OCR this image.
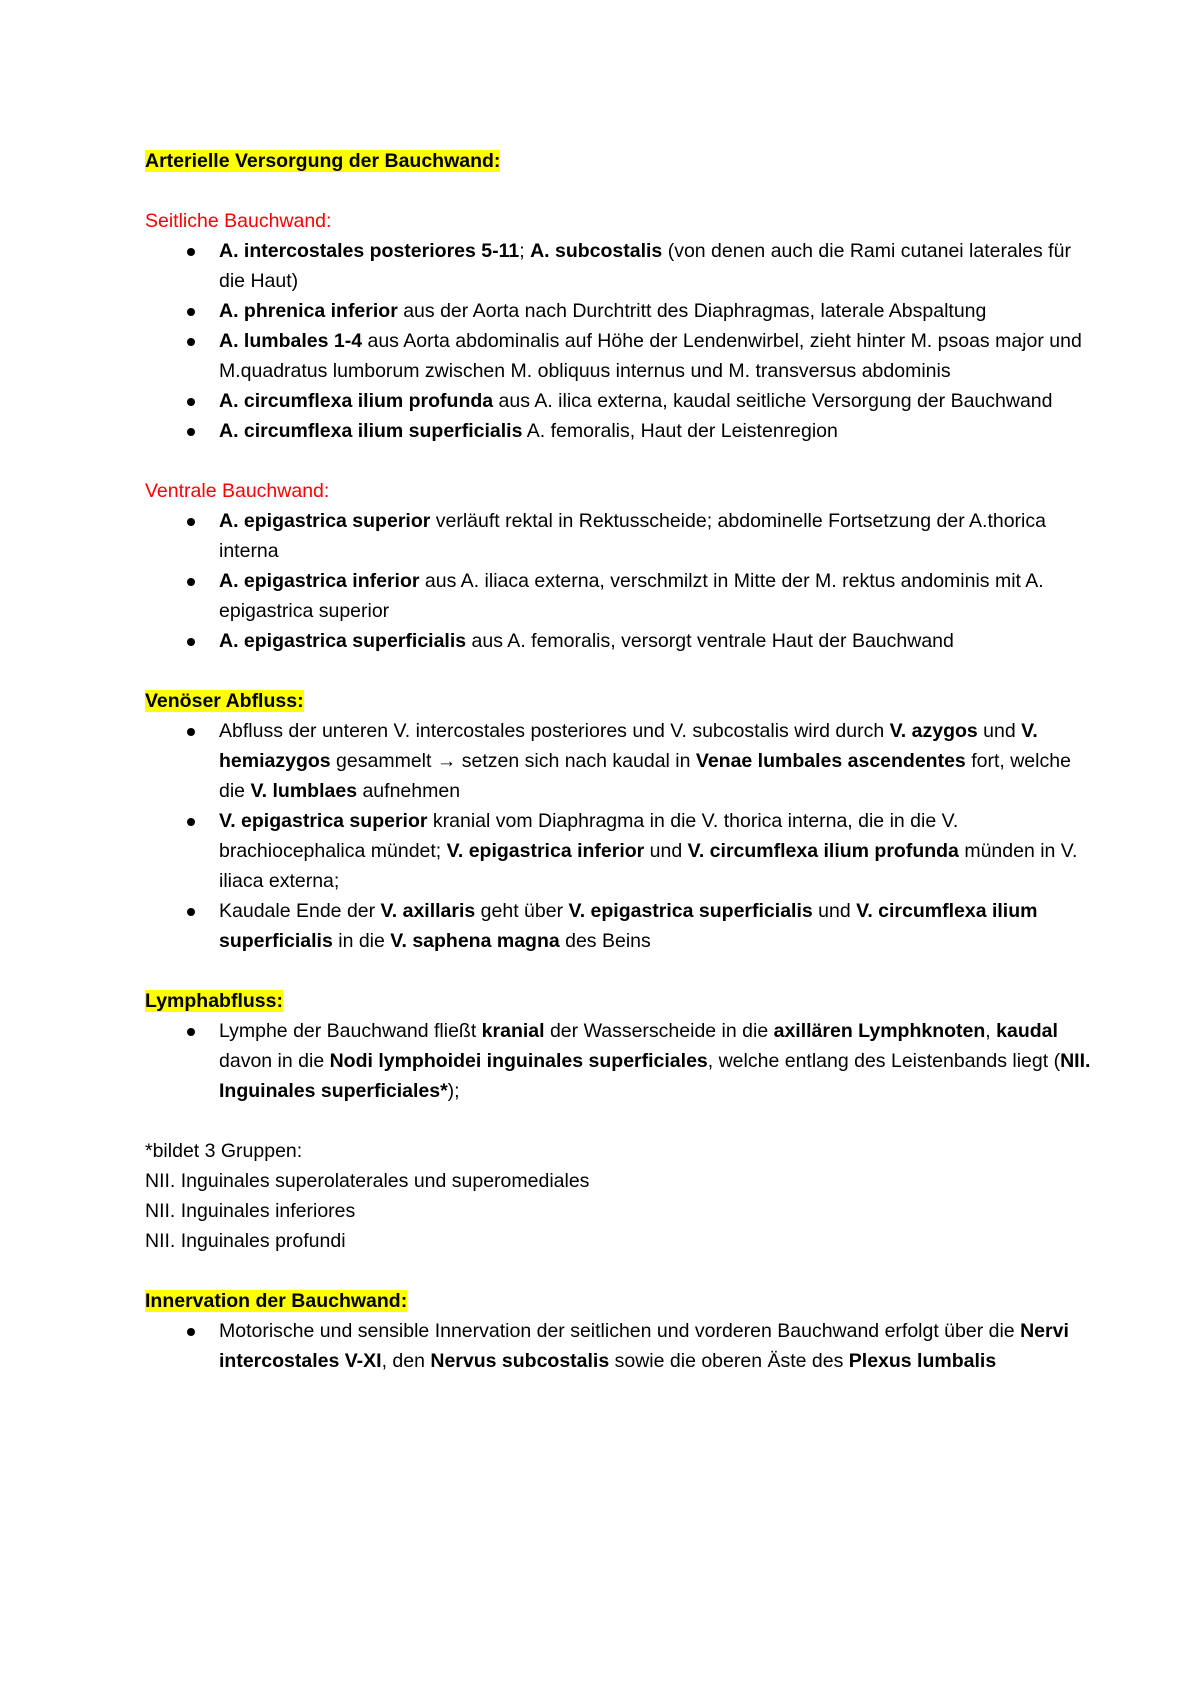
Arterielle Versorgung der Bauchwand:

Seitliche Bauchwand:

A. intercostales posteriores 5-11; A. subcostalis (von denen auch die Rami cutanei laterales für die Haut)
A. phrenica inferior aus der Aorta nach Durchtritt des Diaphragmas, laterale Abspaltung
A. lumbales 1-4 aus Aorta abdominalis auf Höhe der Lendenwirbel, zieht hinter M. psoas major und M.quadratus lumborum zwischen M. obliquus internus und M. transversus abdominis
A. circumflexa ilium profunda aus A. ilica externa, kaudal seitliche Versorgung der Bauchwand
A. circumflexa ilium superficialis A. femoralis, Haut der Leistenregion

Ventrale Bauchwand:

A. epigastrica superior verläuft rektal in Rektusscheide; abdominelle Fortsetzung der A.thorica interna
A. epigastrica inferior aus A. iliaca externa, verschmilzt in Mitte der M. rektus andominis mit A. epigastrica superior
A. epigastrica superficialis aus A. femoralis, versorgt ventrale Haut der Bauchwand

Venöser Abfluss:

Abfluss der unteren V. intercostales posteriores und V. subcostalis wird durch V. azygos und V. hemiazygos gesammelt → setzen sich nach kaudal in Venae lumbales ascendentes fort, welche die V. lumblaes aufnehmen
V. epigastrica superior kranial vom Diaphragma in die V. thorica interna, die in die V. brachiocephalica mündet; V. epigastrica inferior und V. circumflexa ilium profunda münden in V. iliaca externa;
Kaudale Ende der V. axillaris geht über V. epigastrica superficialis und V. circumflexa ilium superficialis in die V. saphena magna des Beins

Lymphabfluss:

Lymphe der Bauchwand fließt kranial der Wasserscheide in die axillären Lymphknoten, kaudal davon in die Nodi lymphoidei inguinales superficiales, welche entlang des Leistenbands liegt (NII. Inguinales superficiales*);

*bildet 3 Gruppen:

NII. Inguinales superolaterales und superomediales

NII. Inguinales inferiores

NII. Inguinales profundi

Innervation der Bauchwand:

Motorische und sensible Innervation der seitlichen und vorderen Bauchwand erfolgt über die Nervi intercostales V-XI, den Nervus subcostalis sowie die oberen Äste des Plexus lumbalis
